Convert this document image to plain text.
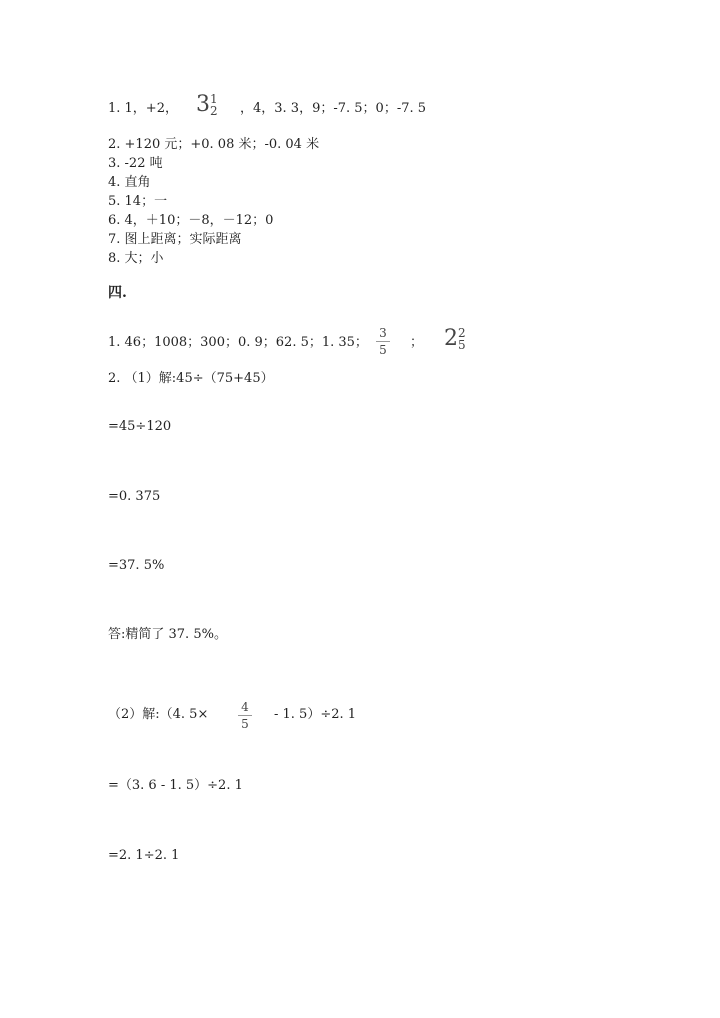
1. 1，+2， 3 1
2 ，4，3. 3，9；-7. 5；0；-7. 5
2. +120 元；+0. 08 米；-0. 04 米
3. -22 吨
4. 直角
5. 14；一
6. 4，＋10；－8，－12；0
7. 图上距离；实际距离
8. 大；小
四.
1. 46；1008；300；0. 9；62. 5；1. 35；
3
5 ； 2 2
5
2. （1）解:45÷（75+45）
=45÷120
=0. 375
=37. 5%
答:精简了 37. 5%。
（2）解:（4. 5×	4
5
- 1. 5）÷2. 1
=（3. 6 - 1. 5）÷2. 1
=2. 1÷2. 1
